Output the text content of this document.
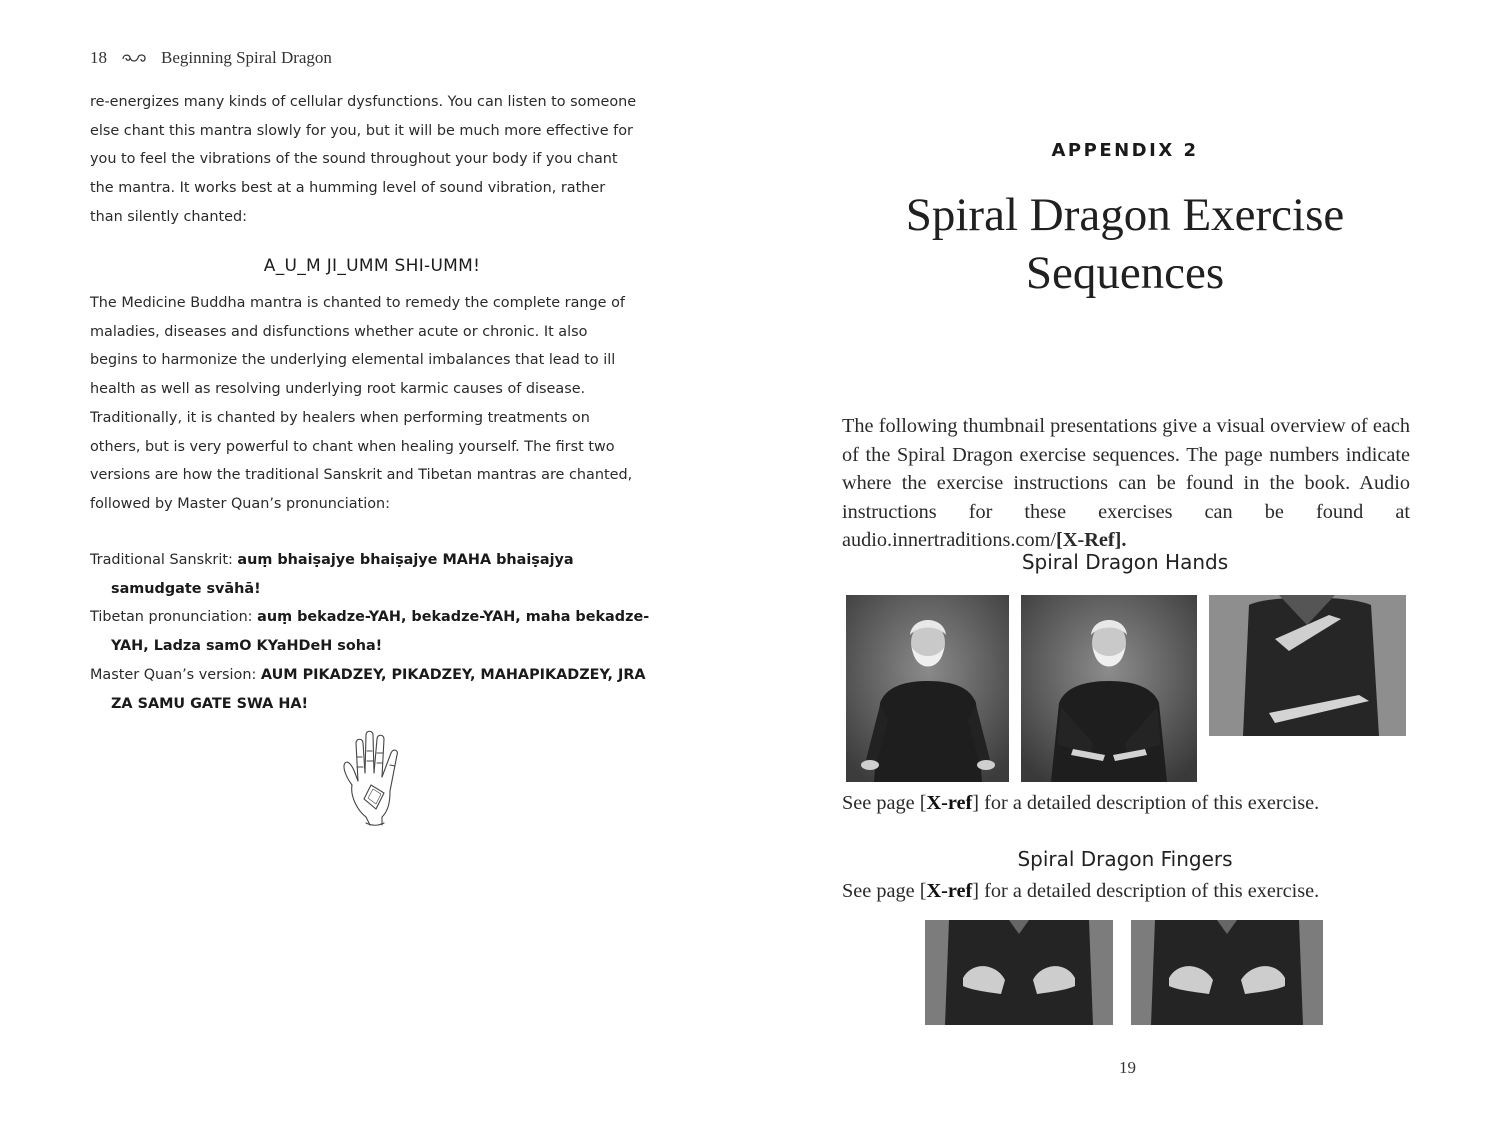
18	Beginning Spiral Dragon

re-energizes many kinds of cellular dysfunctions. You can listen to someone else chant this mantra slowly for you, but it will be much more effective for you to feel the vibrations of the sound throughout your body if you chant the mantra. It works best at a humming level of sound vibration, rather than silently chanted:

A_U_M JI_UMM SHI-UMM!

The Medicine Buddha mantra is chanted to remedy the complete range of maladies, diseases and disfunctions whether acute or chronic. It also begins to harmonize the underlying elemental imbalances that lead to ill health as well as resolving underlying root karmic causes of disease. Traditionally, it is chanted by healers when performing treatments on others, but is very powerful to chant when healing yourself. The first two versions are how the traditional Sanskrit and Tibetan mantras are chanted, followed by Master Quan’s pronunciation:

Traditional Sanskrit: auṃ bhaiṣajye bhaiṣajye MAHA bhaiṣajya samudgate svāhā!
Tibetan pronunciation: auṃ bekadze-YAH, bekadze-YAH, maha bekadze-YAH, Ladza samO KYaHDeH soha!
Master Quan’s version: AUM PIKADZEY, PIKADZEY, MAHAPIKADZEY, JRA ZA SAMU GATE SWA HA!
APPENDIX 2
Spiral Dragon Exercise
Sequences

The following thumbnail presentations give a visual overview of each of the Spiral Dragon exercise sequences. The page numbers indicate where the exercise instructions can be found in the book. Audio instructions for these exercises can be found at audio.innertraditions.com/[X-Ref].

Spiral Dragon Hands
See page [X-ref] for a detailed description of this exercise.
Spiral Dragon Fingers
See page [X-ref] for a detailed description of this exercise.
19
